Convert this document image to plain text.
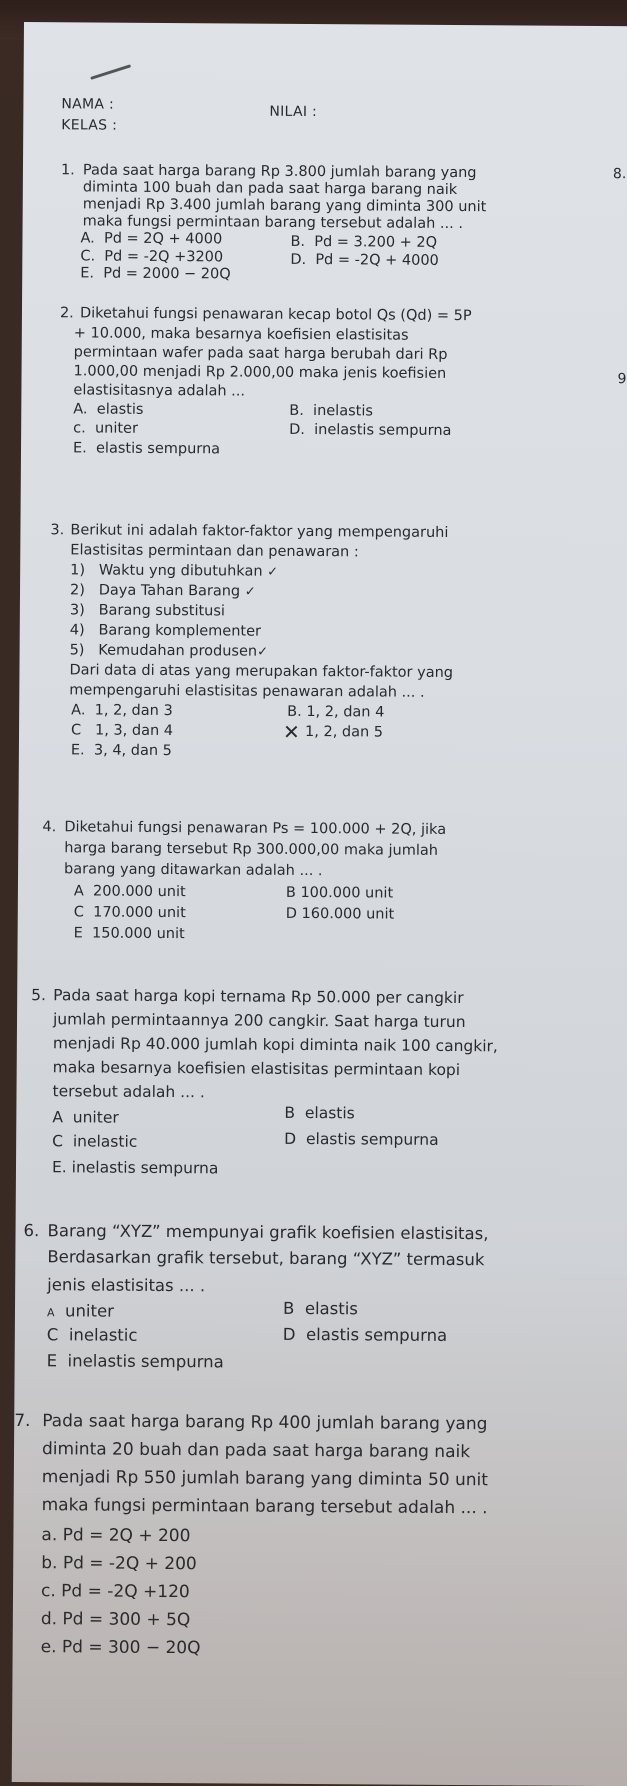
NAMA :
KELAS :
NILAI :
8.
9
1. Pada saat harga barang Rp 3.800 jumlah barang yang
diminta 100 buah dan pada saat harga barang naik
menjadi Rp 3.400 jumlah barang yang diminta 300 unit
maka fungsi permintaan barang tersebut adalah ... .
A. Pd = 2Q + 4000	B. Pd = 3.200 + 2Q
C. Pd = -2Q +3200	D. Pd = -2Q + 4000
E. Pd = 2000 − 20Q
2. Diketahui fungsi penawaran kecap botol Qs (Qd) = 5P
+ 10.000, maka besarnya koefisien elastisitas
permintaan wafer pada saat harga berubah dari Rp
1.000,00 menjadi Rp 2.000,00 maka jenis koefisien
elastisitasnya adalah ...
A. elastis	B. inelastis
c. uniter	D. inelastis sempurna
E. elastis sempurna
3. Berikut ini adalah faktor-faktor yang mempengaruhi
Elastisitas permintaan dan penawaran :
1) Waktu yng dibutuhkan ✓
2) Daya Tahan Barang ✓
3) Barang substitusi
4) Barang komplementer
5) Kemudahan produsen✓
Dari data di atas yang merupakan faktor-faktor yang
mempengaruhi elastisitas penawaran adalah ... .
A. 1, 2, dan 3	B. 1, 2, dan 4
C 1, 3, dan 4	✕ 1, 2, dan 5
E. 3, 4, dan 5
4. Diketahui fungsi penawaran Ps = 100.000 + 2Q, jika
harga barang tersebut Rp 300.000,00 maka jumlah
barang yang ditawarkan adalah ... .
A 200.000 unit	B 100.000 unit
C 170.000 unit	D 160.000 unit
E 150.000 unit
5. Pada saat harga kopi ternama Rp 50.000 per cangkir
jumlah permintaannya 200 cangkir. Saat harga turun
menjadi Rp 40.000 jumlah kopi diminta naik 100 cangkir,
maka besarnya koefisien elastisitas permintaan kopi
tersebut adalah ... .
A uniter	B elastis
C inelastic	D elastis sempurna
E. inelastis sempurna
6. Barang “XYZ” mempunyai grafik koefisien elastisitas,
Berdasarkan grafik tersebut, barang “XYZ” termasuk
jenis elastisitas ... .
A uniter	B elastis
C inelastic	D elastis sempurna
E inelastis sempurna
7. Pada saat harga barang Rp 400 jumlah barang yang
diminta 20 buah dan pada saat harga barang naik
menjadi Rp 550 jumlah barang yang diminta 50 unit
maka fungsi permintaan barang tersebut adalah ... .
a. Pd = 2Q + 200
b. Pd = -2Q + 200
c. Pd = -2Q +120
d. Pd = 300 + 5Q
e. Pd = 300 − 20Q
